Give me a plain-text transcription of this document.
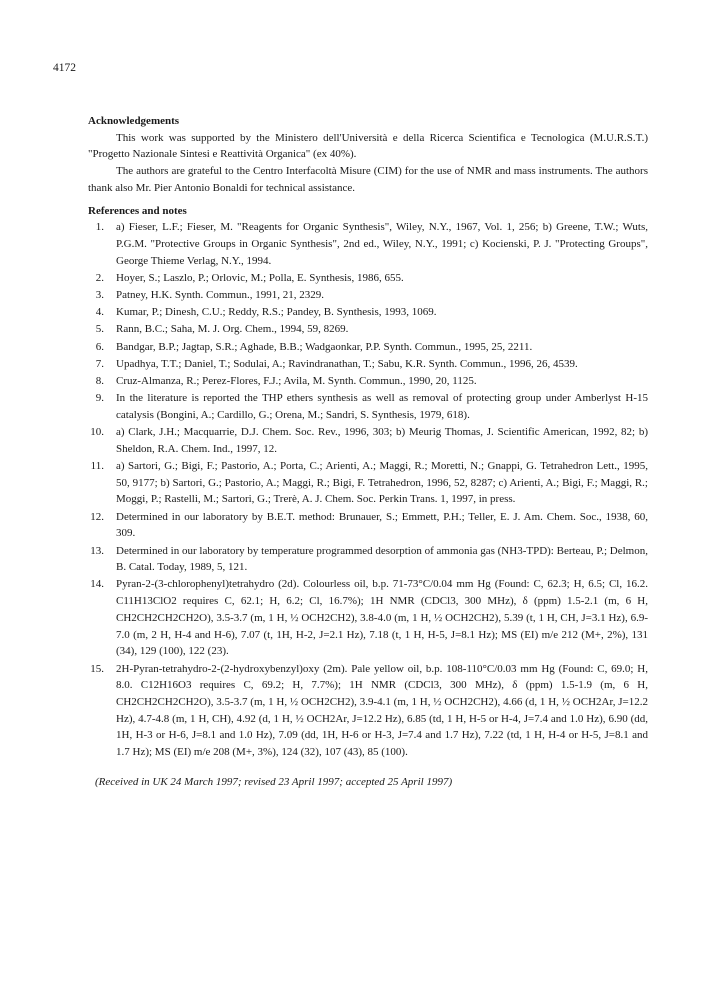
4172
Acknowledgements

This work was supported by the Ministero dell'Università e della Ricerca Scientifica e Tecnologica (M.U.R.S.T.) "Progetto Nazionale Sintesi e Reattività Organica" (ex 40%).

The authors are grateful to the Centro Interfacoltà Misure (CIM) for the use of NMR and mass instruments. The authors thank also Mr. Pier Antonio Bonaldi for technical assistance.

References and notes
1. a) Fieser, L.F.; Fieser, M. "Reagents for Organic Synthesis", Wiley, N.Y., 1967, Vol. 1, 256; b) Greene, T.W.; Wuts, P.G.M. "Protective Groups in Organic Synthesis", 2nd ed., Wiley, N.Y., 1991; c) Kocienski, P. J. "Protecting Groups", George Thieme Verlag, N.Y., 1994.
2. Hoyer, S.; Laszlo, P.; Orlovic, M.; Polla, E. Synthesis, 1986, 655.
3. Patney, H.K. Synth. Commun., 1991, 21, 2329.
4. Kumar, P.; Dinesh, C.U.; Reddy, R.S.; Pandey, B. Synthesis, 1993, 1069.
5. Rann, B.C.; Saha, M. J. Org. Chem., 1994, 59, 8269.
6. Bandgar, B.P.; Jagtap, S.R.; Aghade, B.B.; Wadgaonkar, P.P. Synth. Commun., 1995, 25, 2211.
7. Upadhya, T.T.; Daniel, T.; Sodulai, A.; Ravindranathan, T.; Sabu, K.R. Synth. Commun., 1996, 26, 4539.
8. Cruz-Almanza, R.; Perez-Flores, F.J.; Avila, M. Synth. Commun., 1990, 20, 1125.
9. In the literature is reported the THP ethers synthesis as well as removal of protecting group under Amberlyst H-15 catalysis (Bongini, A.; Cardillo, G.; Orena, M.; Sandri, S. Synthesis, 1979, 618).
10. a) Clark, J.H.; Macquarrie, D.J. Chem. Soc. Rev., 1996, 303; b) Meurig Thomas, J. Scientific American, 1992, 82; b) Sheldon, R.A. Chem. Ind., 1997, 12.
11. a) Sartori, G.; Bigi, F.; Pastorio, A.; Porta, C.; Arienti, A.; Maggi, R.; Moretti, N.; Gnappi, G. Tetrahedron Lett., 1995, 50, 9177; b) Sartori, G.; Pastorio, A.; Maggi, R.; Bigi, F. Tetrahedron, 1996, 52, 8287; c) Arienti, A.; Bigi, F.; Maggi, R.; Moggi, P.; Rastelli, M.; Sartori, G.; Trerè, A. J. Chem. Soc. Perkin Trans. 1, 1997, in press.
12. Determined in our laboratory by B.E.T. method: Brunauer, S.; Emmett, P.H.; Teller, E. J. Am. Chem. Soc., 1938, 60, 309.
13. Determined in our laboratory by temperature programmed desorption of ammonia gas (NH3-TPD): Berteau, P.; Delmon, B. Catal. Today, 1989, 5, 121.
14. Pyran-2-(3-chlorophenyl)tetrahydro (2d). Colourless oil, b.p. 71-73°C/0.04 mm Hg (Found: C, 62.3; H, 6.5; Cl, 16.2. C11H13ClO2 requires C, 62.1; H, 6.2; Cl, 16.7%); 1H NMR (CDCl3, 300 MHz), δ (ppm) 1.5-2.1 (m, 6 H, CH2CH2CH2CH2O), 3.5-3.7 (m, 1 H, ½ OCH2CH2), 3.8-4.0 (m, 1 H, ½ OCH2CH2), 5.39 (t, 1 H, CH, J=3.1 Hz), 6.9-7.0 (m, 2 H, H-4 and H-6), 7.07 (t, 1H, H-2, J=2.1 Hz), 7.18 (t, 1 H, H-5, J=8.1 Hz); MS (EI) m/e 212 (M+, 2%), 131 (34), 129 (100), 122 (23).
15. 2H-Pyran-tetrahydro-2-(2-hydroxybenzyl)oxy (2m). Pale yellow oil, b.p. 108-110°C/0.03 mm Hg (Found: C, 69.0; H, 8.0. C12H16O3 requires C, 69.2; H, 7.7%); 1H NMR (CDCl3, 300 MHz), δ (ppm) 1.5-1.9 (m, 6 H, CH2CH2CH2CH2O), 3.5-3.7 (m, 1 H, ½ OCH2CH2), 3.9-4.1 (m, 1 H, ½ OCH2CH2), 4.66 (d, 1 H, ½ OCH2Ar, J=12.2 Hz), 4.7-4.8 (m, 1 H, CH), 4.92 (d, 1 H, ½ OCH2Ar, J=12.2 Hz), 6.85 (td, 1 H, H-5 or H-4, J=7.4 and 1.0 Hz), 6.90 (dd, 1H, H-3 or H-6, J=8.1 and 1.0 Hz), 7.09 (dd, 1H, H-6 or H-3, J=7.4 and 1.7 Hz), 7.22 (td, 1 H, H-4 or H-5, J=8.1 and 1.7 Hz); MS (EI) m/e 208 (M+, 3%), 124 (32), 107 (43), 85 (100).
(Received in UK 24 March 1997; revised 23 April 1997; accepted 25 April 1997)
